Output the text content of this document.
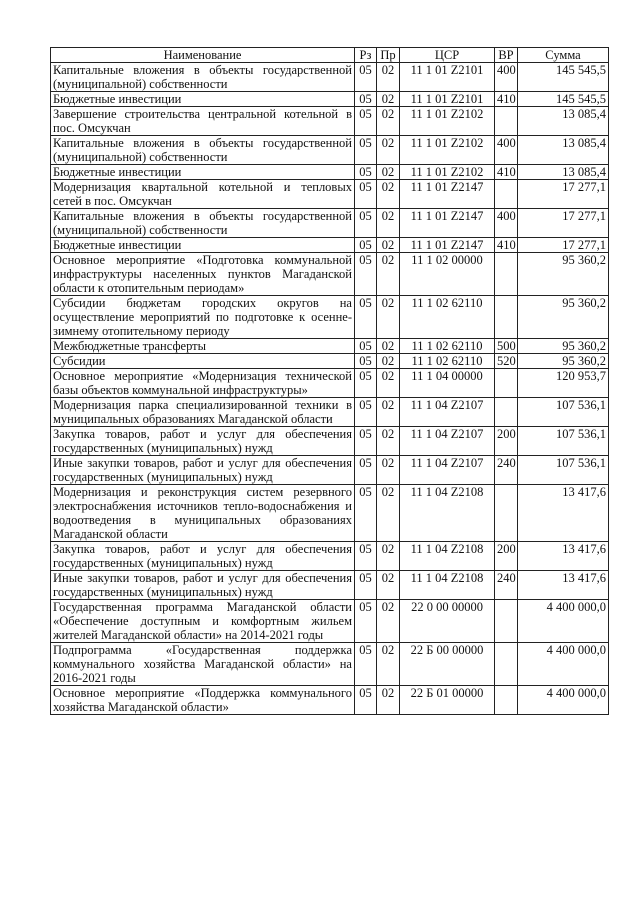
Наименование	Рз	Пр	ЦСР	ВР	Сумма
Капитальные вложения в объекты государственной (муниципальной) собственности	05	02	11 1 01 Z2101	400	145 545,5
Бюджетные инвестиции	05	02	11 1 01 Z2101	410	145 545,5
Завершение строительства центральной котельной в пос. Омсукчан	05	02	11 1 01 Z2102		13 085,4
Капитальные вложения в объекты государственной (муниципальной) собственности	05	02	11 1 01 Z2102	400	13 085,4
Бюджетные инвестиции	05	02	11 1 01 Z2102	410	13 085,4
Модернизация квартальной котельной и тепловых сетей в пос. Омсукчан	05	02	11 1 01 Z2147		17 277,1
Капитальные вложения в объекты государственной (муниципальной) собственности	05	02	11 1 01 Z2147	400	17 277,1
Бюджетные инвестиции	05	02	11 1 01 Z2147	410	17 277,1
Основное мероприятие «Подготовка коммунальной инфраструктуры населенных пунктов Магаданской области к отопительным периодам»	05	02	11 1 02 00000		95 360,2
Субсидии бюджетам городских округов на осуществление мероприятий по подготовке к осенне-зимнему отопительному периоду	05	02	11 1 02 62110		95 360,2
Межбюджетные трансферты	05	02	11 1 02 62110	500	95 360,2
Субсидии	05	02	11 1 02 62110	520	95 360,2
Основное мероприятие «Модернизация технической базы объектов коммунальной инфраструктуры»	05	02	11 1 04 00000		120 953,7
Модернизация парка специализированной техники в муниципальных образованиях Магаданской области	05	02	11 1 04 Z2107		107 536,1
Закупка товаров, работ и услуг для обеспечения государственных (муниципальных) нужд	05	02	11 1 04 Z2107	200	107 536,1
Иные закупки товаров, работ и услуг для обеспечения государственных (муниципальных) нужд	05	02	11 1 04 Z2107	240	107 536,1
Модернизация и реконструкция систем резервного электроснабжения источников тепло-водоснабжения и водоотведения в муниципальных образованиях Магаданской области	05	02	11 1 04 Z2108		13 417,6
Закупка товаров, работ и услуг для обеспечения государственных (муниципальных) нужд	05	02	11 1 04 Z2108	200	13 417,6
Иные закупки товаров, работ и услуг для обеспечения государственных (муниципальных) нужд	05	02	11 1 04 Z2108	240	13 417,6
Государственная программа Магаданской области «Обеспечение доступным и комфортным жильем жителей Магаданской области» на 2014-2021 годы	05	02	22 0 00 00000		4 400 000,0
Подпрограмма «Государственная поддержка коммунального хозяйства Магаданской области» на 2016-2021 годы	05	02	22 Б 00 00000		4 400 000,0
Основное мероприятие «Поддержка коммунального хозяйства Магаданской области»	05	02	22 Б 01 00000		4 400 000,0
